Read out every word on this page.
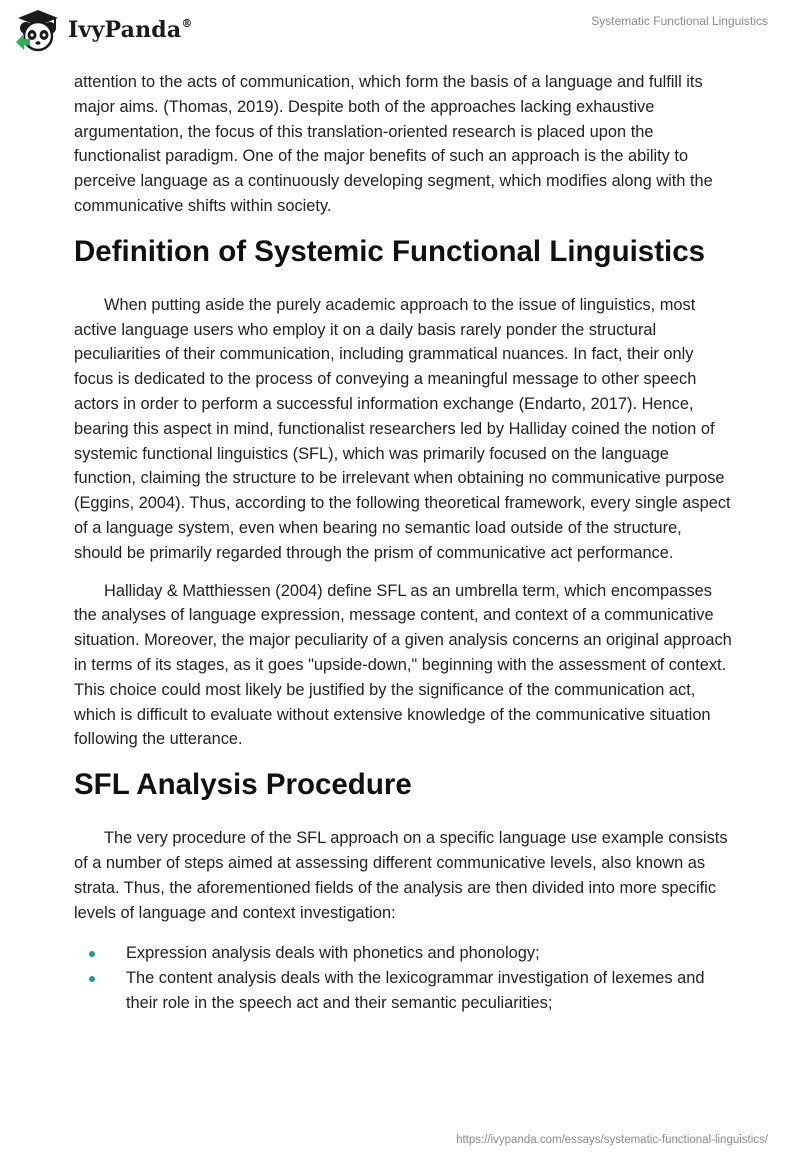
IvyPanda®	Systematic Functional Linguistics

attention to the acts of communication, which form the basis of a language and fulfill its major aims. (Thomas, 2019). Despite both of the approaches lacking exhaustive argumentation, the focus of this translation-oriented research is placed upon the functionalist paradigm. One of the major benefits of such an approach is the ability to perceive language as a continuously developing segment, which modifies along with the communicative shifts within society.

Definition of Systemic Functional Linguistics

When putting aside the purely academic approach to the issue of linguistics, most active language users who employ it on a daily basis rarely ponder the structural peculiarities of their communication, including grammatical nuances. In fact, their only focus is dedicated to the process of conveying a meaningful message to other speech actors in order to perform a successful information exchange (Endarto, 2017). Hence, bearing this aspect in mind, functionalist researchers led by Halliday coined the notion of systemic functional linguistics (SFL), which was primarily focused on the language function, claiming the structure to be irrelevant when obtaining no communicative purpose (Eggins, 2004). Thus, according to the following theoretical framework, every single aspect of a language system, even when bearing no semantic load outside of the structure, should be primarily regarded through the prism of communicative act performance.

Halliday & Matthiessen (2004) define SFL as an umbrella term, which encompasses the analyses of language expression, message content, and context of a communicative situation. Moreover, the major peculiarity of a given analysis concerns an original approach in terms of its stages, as it goes "upside-down," beginning with the assessment of context. This choice could most likely be justified by the significance of the communication act, which is difficult to evaluate without extensive knowledge of the communicative situation following the utterance.

SFL Analysis Procedure

The very procedure of the SFL approach on a specific language use example consists of a number of steps aimed at assessing different communicative levels, also known as strata. Thus, the aforementioned fields of the analysis are then divided into more specific levels of language and context investigation:

Expression analysis deals with phonetics and phonology;
The content analysis deals with the lexicogrammar investigation of lexemes and their role in the speech act and their semantic peculiarities;
https://ivypanda.com/essays/systematic-functional-linguistics/
